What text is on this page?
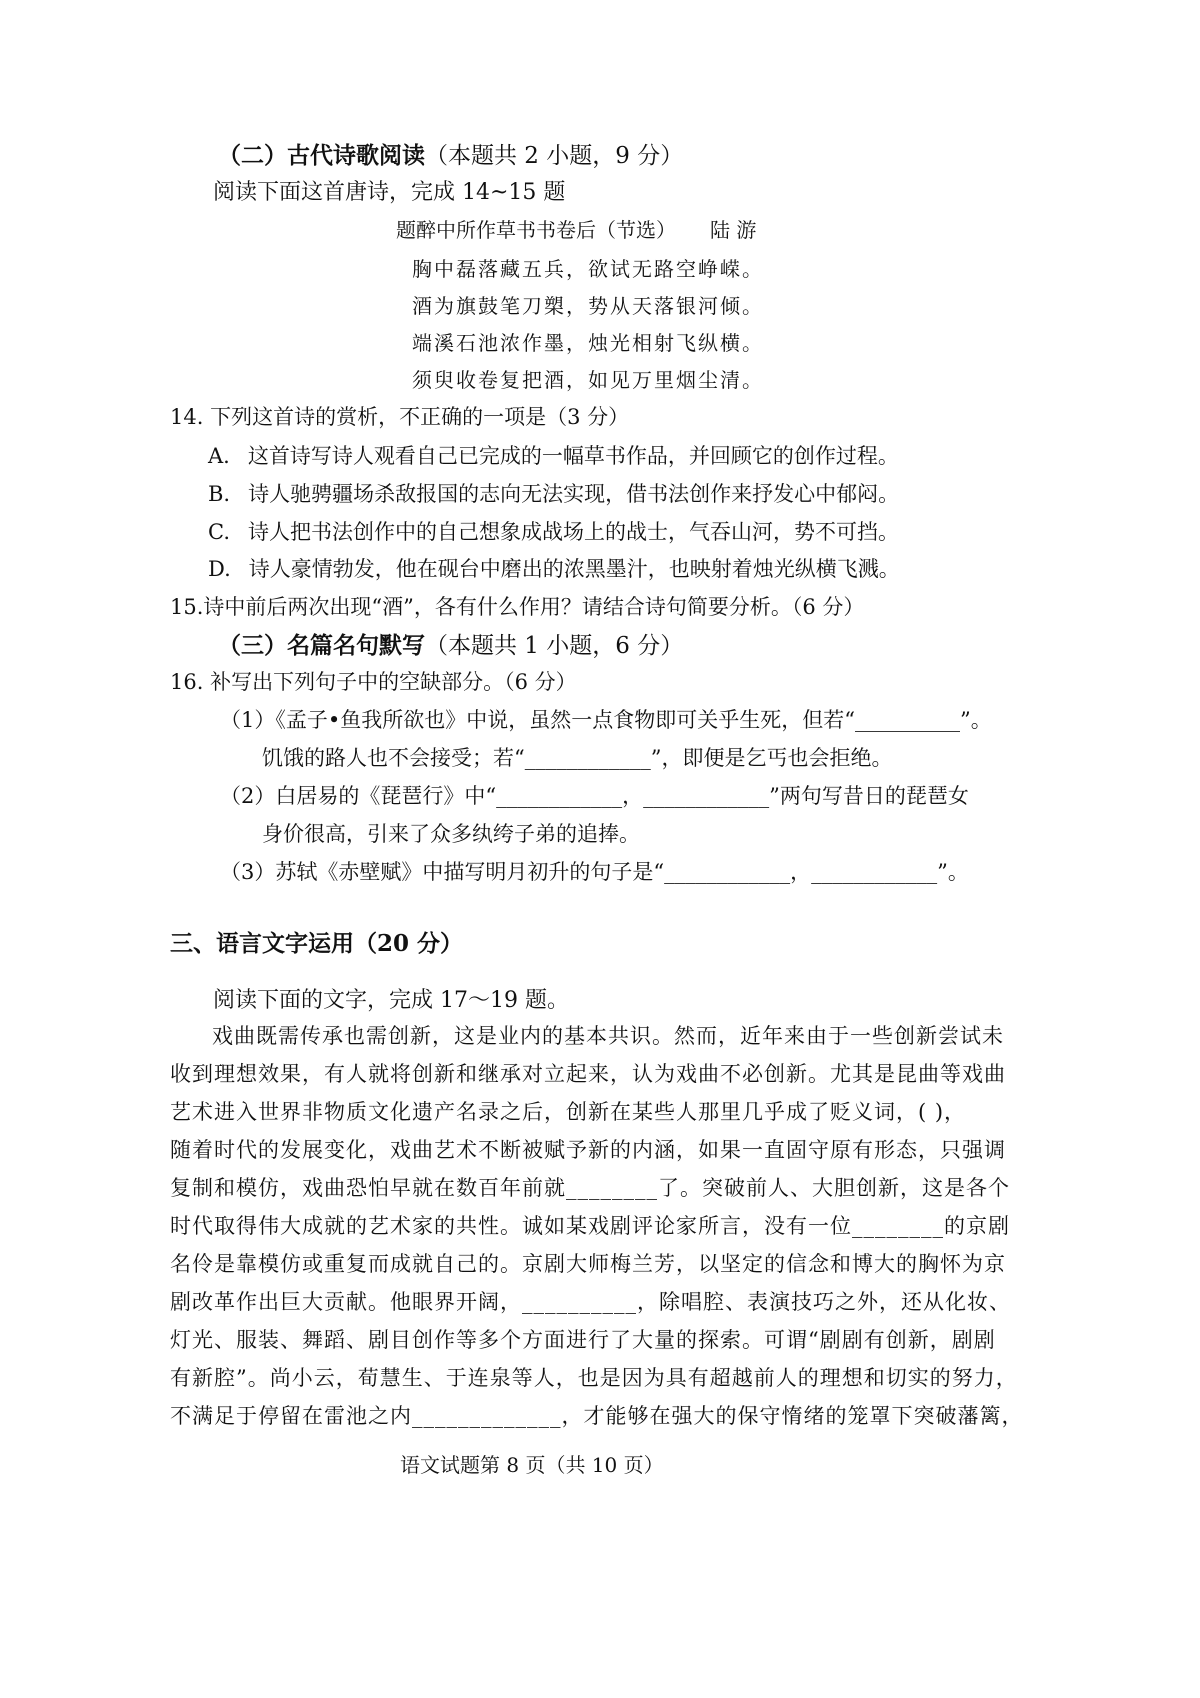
（二）古代诗歌阅读（本题共 2 小题，9 分）
阅读下面这首唐诗，完成 14~15 题
题醉中所作草书书卷后（节选） 陆 游
胸中磊落藏五兵，欲试无路空峥嵘。
酒为旗鼓笔刀槊，势从天落银河倾。
端溪石池浓作墨，烛光相射飞纵横。
须臾收卷复把酒，如见万里烟尘清。
14. 下列这首诗的赏析，不正确的一项是（3 分）
A. 这首诗写诗人观看自己已完成的一幅草书作品，并回顾它的创作过程。
B. 诗人驰骋疆场杀敌报国的志向无法实现，借书法创作来抒发心中郁闷。
C. 诗人把书法创作中的自己想象成战场上的战士，气吞山河，势不可挡。
D. 诗人豪情勃发，他在砚台中磨出的浓黑墨汁，也映射着烛光纵横飞溅。
15.诗中前后两次出现“酒”，各有什么作用？请结合诗句简要分析。（6 分）
（三）名篇名句默写（本题共 1 小题，6 分）
16. 补写出下列句子中的空缺部分。（6 分）
（1）《孟子•鱼我所欲也》中说，虽然一点食物即可关乎生死，但若“__________”。
饥饿的路人也不会接受；若“____________”，即便是乞丐也会拒绝。
（2）白居易的《琵琶行》中“____________，____________”两句写昔日的琵琶女
身价很高，引来了众多纨绔子弟的追捧。
（3）苏轼《赤壁赋》中描写明月初升的句子是“____________，____________”。
三、语言文字运用（20 分）
阅读下面的文字，完成 17～19 题。
戏曲既需传承也需创新，这是业内的基本共识。然而，近年来由于一些创新尝试未
收到理想效果，有人就将创新和继承对立起来，认为戏曲不必创新。尤其是昆曲等戏曲
艺术进入世界非物质文化遗产名录之后，创新在某些人那里几乎成了贬义词，( )，
随着时代的发展变化，戏曲艺术不断被赋予新的内涵，如果一直固守原有形态，只强调
复制和模仿，戏曲恐怕早就在数百年前就________了。突破前人、大胆创新，这是各个
时代取得伟大成就的艺术家的共性。诚如某戏剧评论家所言，没有一位________的京剧
名伶是靠模仿或重复而成就自己的。京剧大师梅兰芳，以坚定的信念和博大的胸怀为京
剧改革作出巨大贡献。他眼界开阔，__________，除唱腔、表演技巧之外，还从化妆、
灯光、服装、舞蹈、剧目创作等多个方面进行了大量的探索。可谓“剧剧有创新，剧剧
有新腔”。尚小云，荀慧生、于连泉等人，也是因为具有超越前人的理想和切实的努力，
不满足于停留在雷池之内_____________，才能够在强大的保守惰绪的笼罩下突破藩篱，
语文试题第 8 页（共 10 页）
